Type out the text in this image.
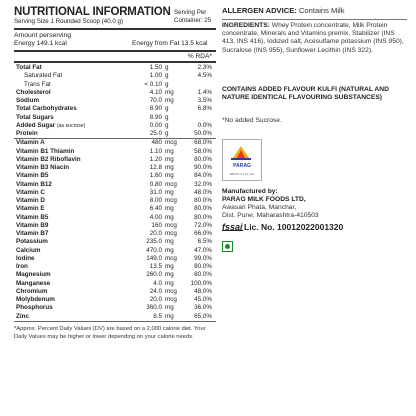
NUTRITIONAL INFORMATION
Serving Size 1 Rounded Scoop (40.0 g)
Serving Per Container: 25
Amount perserving
Energy 149.1 kcal	Energy from Fat 13.5 kcal
% RDA*
Total Fat	1.50 g	2.3%
Saturated Fat	1.00 g	4.5%
Trans Fat	< 0.10 g
Cholesterol	4.10 mg	1.4%
Sodium	70.0 mg	3.5%
Total Carbohydrates	8.90 g	6.8%
Total Sugars	8.90 g
Added Sugar (as sucrose)	0.00 g	0.0%
Protein	25.0 g	50.0%
Vitamin A	480 mcg	68.0%
Vitamin B1 Thiamin	1.10 mg	58.0%
Vitamin B2 Riboflavin	1.20 mg	80.0%
Vitamin B3 Niacin	12.8 mg	90.0%
Vitamin B5	1.60 mg	84.0%
Vitamin B12	0.80 mcg	32.0%
Vitamin C	31.0 mg	48.0%
Vitamin D	8.00 mcg	80.0%
Vitamin E	6.40 mg	80.0%
Vitamin B5	4.00 mg	80.0%
Vitamin B9	160 mcg	72.0%
Vitamin B7	20.0 mcg	66.0%
Potassium	235.0 mg	6.5%
Calcium	470.0 mg	47.0%
Iodine	149.0 mcg	99.0%
Iron	13.5 mg	80.0%
Magnesium	260.0 mg	80.0%
Manganese	4.0 mg	100.0%
Chromium	24.0 mcg	48.0%
Molybdenum	20.0 mcg	45.0%
Phosphorus	360.0 mg	36.0%
Zinc	8.5 mg	65.0%
*Approx. Percent Daily Values (DV) are based on a 2,000 calorie diet. Your Daily Values may be higher or lower depending on your calorie needs.
ALLERGEN ADVICE: Contains Milk
INGREDIENTS: Whey Protein concentrate, Milk Protein concentrate, Minerals and Vitamins premix, Stabilizer (INS 413, INS 416), Iodized salt, Acesulfame potassium (INS 950), Sucralose (INS 955), Sunflower Lecithin (INS 322).
CONTAINS ADDED FLAVOUR KULFI (NATURAL AND NATURE IDENTICAL FLAVOURING SUBSTANCES)
*No added Sucrose.
PARAG
What's in it for you
Manufactured by:
PARAG MILK FOODS LTD,
Awasari Phata, Manchar,
Dist. Pune, Maharashtra-410503
fssai Lic. No. 10012022001320
